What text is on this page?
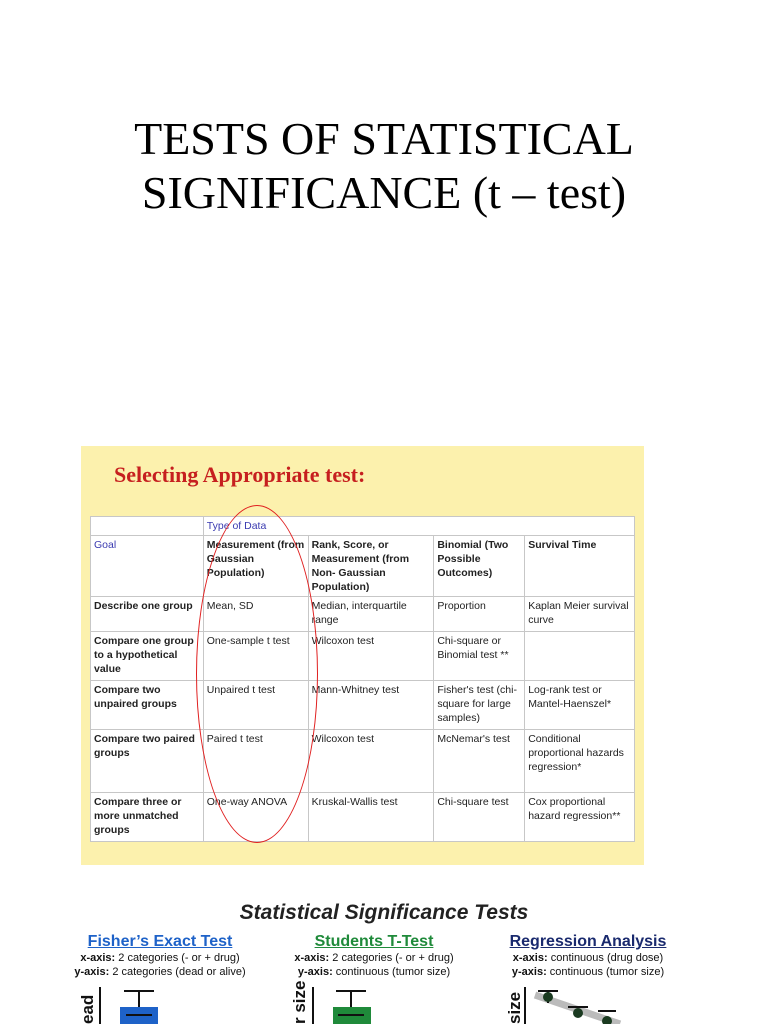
TESTS OF STATISTICAL
SIGNIFICANCE (t – test)
Selecting Appropriate test:
	Type of Data			
Goal	Measurement (from Gaussian Population)	Rank, Score, or Measurement (from Non- Gaussian Population)	Binomial (Two Possible Outcomes)	Survival Time
Describe one group	Mean, SD	Median, interquartile range	Proportion	Kaplan Meier survival curve
Compare one group to a hypothetical value	One-sample t test	Wilcoxon test	Chi-square or Binomial test **	
Compare two unpaired groups	Unpaired t test	Mann-Whitney test	Fisher's test (chi-square for large samples)	Log-rank test or Mantel-Haenszel*
Compare two paired groups	Paired t test	Wilcoxon test	McNemar's test	Conditional proportional hazards regression*
Compare three or more unmatched groups	One-way ANOVA	Kruskal-Wallis test	Chi-square test	Cox proportional hazard regression**
Statistical Significance Tests
Fisher’s Exact Test
x-axis: 2 categories (- or + drug)
y-axis: 2 categories (dead or alive)
Students T-Test
x-axis: 2 categories (- or + drug)
y-axis: continuous (tumor size)
Regression Analysis
x-axis: continuous (drug dose)
y-axis: continuous (tumor size)
ead	r size	size
